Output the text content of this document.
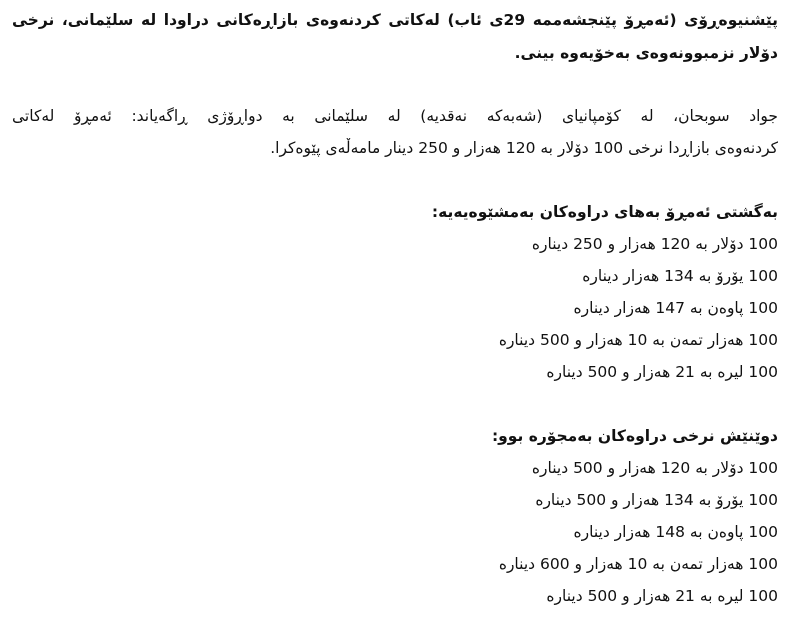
پێشنیوەڕۆی (ئەمڕۆ پێنجشەممە 29ی ئاب) لەکاتی کردنەوەی بازاڕەکانی دراودا لە سلێمانی، نرخی
دۆلار نزمبوونەوەی بەخۆیەوە بینی.
جواد سوبحان، لە کۆمپانیای (شەبەکە نەقدیە) لە سلێمانی بە دواڕۆژی ڕاگەیاند: ئەمڕۆ لەکاتی
کردنەوەی بازاڕدا نرخی 100 دۆلار بە 120 هەزار و 250 دینار مامەڵەی پێوەکرا.
بەگشتی ئەمڕۆ بەهای دراوەکان بەمشێوەیەیە:
100 دۆلار بە 120 هەزار و 250 دینارە
100 یۆرۆ بە 134 هەزار دینارە
100 پاوەن بە 147 هەزار دینارە
100 هەزار تمەن بە 10 هەزار و 500 دینارە
100 لیرە بە 21 هەزار و 500 دینارە
دوێنێش نرخی دراوەکان بەمجۆرە بوو:
100 دۆلار بە 120 هەزار و 500 دینارە
100 یۆرۆ بە 134 هەزار و 500 دینارە
100 پاوەن بە 148 هەزار دینارە
100 هەزار تمەن بە 10 هەزار و 600 دینارە
100 لیرە بە 21 هەزار و 500 دینارە
